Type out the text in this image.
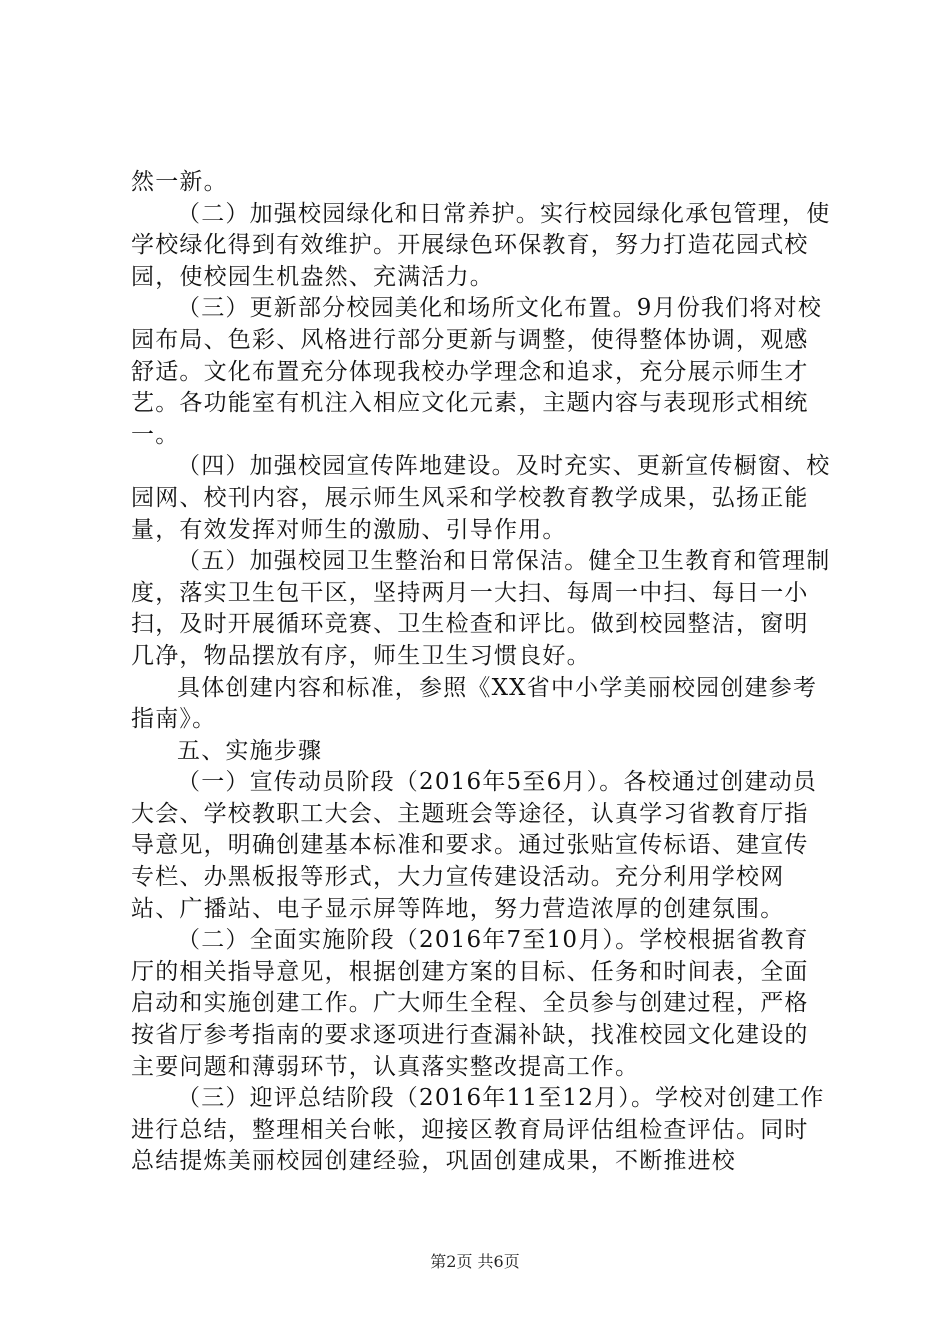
然一新。

（二）加强校园绿化和日常养护。实行校园绿化承包管理，使学校绿化得到有效维护。开展绿色环保教育，努力打造花园式校园，使校园生机盎然、充满活力。

（三）更新部分校园美化和场所文化布置。9月份我们将对校园布局、色彩、风格进行部分更新与调整，使得整体协调，观感舒适。文化布置充分体现我校办学理念和追求，充分展示师生才艺。各功能室有机注入相应文化元素，主题内容与表现形式相统一。

（四）加强校园宣传阵地建设。及时充实、更新宣传橱窗、校园网、校刊内容，展示师生风采和学校教育教学成果，弘扬正能量，有效发挥对师生的激励、引导作用。

（五）加强校园卫生整治和日常保洁。健全卫生教育和管理制度，落实卫生包干区，坚持两月一大扫、每周一中扫、每日一小扫，及时开展循环竞赛、卫生检查和评比。做到校园整洁，窗明几净，物品摆放有序，师生卫生习惯良好。

具体创建内容和标准，参照《XX省中小学美丽校园创建参考指南》。

五、实施步骤

（一）宣传动员阶段（2016年5至6月）。各校通过创建动员大会、学校教职工大会、主题班会等途径，认真学习省教育厅指导意见，明确创建基本标准和要求。通过张贴宣传标语、建宣传专栏、办黑板报等形式，大力宣传建设活动。充分利用学校网站、广播站、电子显示屏等阵地，努力营造浓厚的创建氛围。

（二）全面实施阶段（2016年7至10月）。学校根据省教育厅的相关指导意见，根据创建方案的目标、任务和时间表，全面启动和实施创建工作。广大师生全程、全员参与创建过程，严格按省厅参考指南的要求逐项进行查漏补缺，找准校园文化建设的主要问题和薄弱环节，认真落实整改提高工作。

（三）迎评总结阶段（2016年11至12月）。学校对创建工作进行总结，整理相关台帐，迎接区教育局评估组检查评估。同时总结提炼美丽校园创建经验，巩固创建成果，不断推进校

第2页 共6页
